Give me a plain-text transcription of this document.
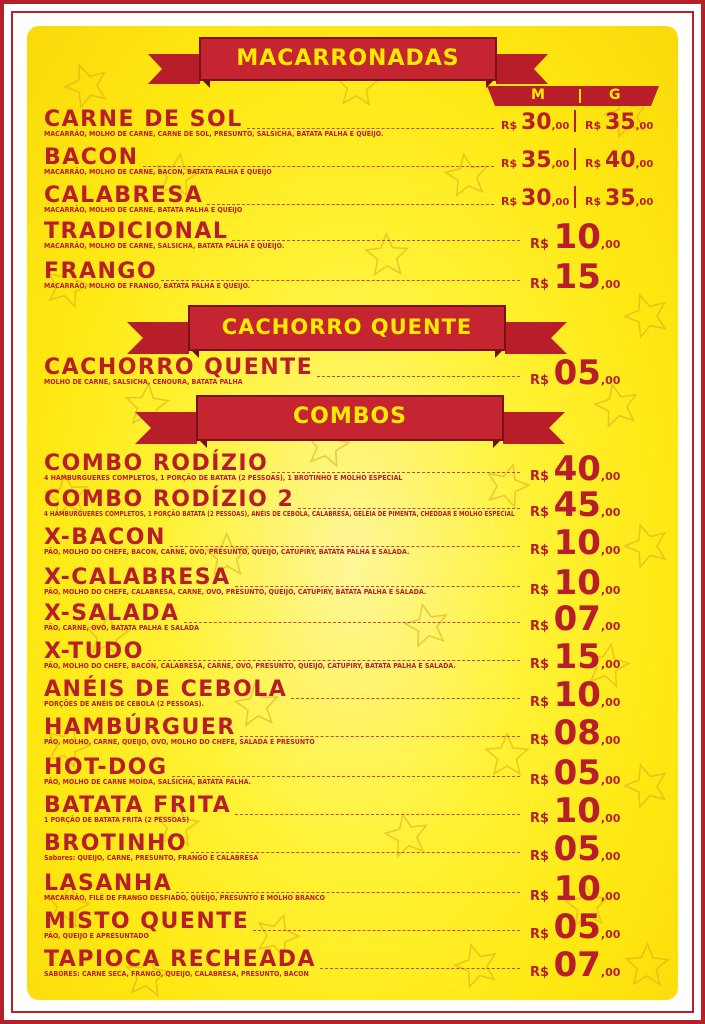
MACARRONADAS
M	G
CACHORRO QUENTE
COMBOS
CARNE DE SOL
MACARRÃO, MOLHO DE CARNE, CARNE DE SOL, PRESUNTO, SALSICHA, BATATA PALHA E QUEIJO.
R$ 30,00 R$ 35,00
BACON
MACARRÃO, MOLHO DE CARNE, BACON, BATATA PALHA E QUEIJO
R$ 35,00 R$ 40,00
CALABRESA
MACARRÃO, MOLHO DE CARNE, BATATA PALHA E QUEIJO
R$ 30,00 R$ 35,00
TRADICIONAL
MACARRÃO, MOLHO DE CARNE, SALSICHA, BATATA PALHA E QUEIJO.	R$ 10,00
FRANGO
MACARRÃO, MOLHO DE FRANGO, BATATA PALHA E QUEIJO.	R$ 15,00
CACHORRO QUENTE
MOLHO DE CARNE, SALSICHA, CENOURA, BATATA PALHA	R$ 05,00
COMBO RODÍZIO
4 HAMBURGUERES COMPLETOS, 1 PORÇÃO DE BATATA (2 PESSOAS), 1 BROTINHO E MOLHO ESPECIAL	R$ 40,00
COMBO RODÍZIO 2
4 HAMBURGUERES COMPLETOS, 1 PORÇÃO BATATA (2 PESSOAS), ANÉIS DE CEBOLA, CALABRESA, GELÉIA DE PIMENTA, CHEDDAR E MOLHO ESPECIAL R$ 45,00
X-BACON
PÃO, MOLHO DO CHEFE, BACON, CARNE, OVO, PRESUNTO, QUEIJO, CATUPIRY, BATATA PALHA E SALADA.	R$ 10,00
X-CALABRESA
PÃO, MOLHO DO CHEFE, CALABRESA, CARNE, OVO, PRESUNTO, QUEIJO, CATUPIRY, BATATA PALHA E SALADA.	R$ 10,00
X-SALADA
PÃO, CARNE, OVO, BATATA PALHA E SALADA	R$ 07,00
X-TUDO
PÃO, MOLHO DO CHEFE, BACON, CALABRESA, CARNE, OVO, PRESUNTO, QUEIJO, CATUPIRY, BATATA PALHA E SALADA.	R$ 15,00
ANÉIS DE CEBOLA
PORÇÕES DE ANÉIS DE CEBOLA (2 PESSOAS).	R$ 10,00
HAMBÚRGUER
PÃO, MOLHO, CARNE, QUEIJO, OVO, MOLHO DO CHEFE, SALADA E PRESUNTO	R$ 08,00
HOT-DOG
PÃO, MOLHO DE CARNE MOÍDA, SALSICHA, BATATA PALHA.	R$ 05,00
BATATA FRITA
1 PORÇÃO DE BATATA FRITA (2 PESSOAS)	R$ 10,00
BROTINHO
Sabores: QUEIJO, CARNE, PRESUNTO, FRANGO E CALABRESA	R$ 05,00
LASANHA
MACARRÃO, FILÉ DE FRANGO DESFIADO, QUEIJO, PRESUNTO E MOLHO BRANCO	R$ 10,00
MISTO QUENTE
PÃO, QUEIJO E APRESUNTADO	R$ 05,00
TAPIOCA RECHEADA
SABORES: CARNE SECA, FRANGO, QUEIJO, CALABRESA, PRESUNTO, BACON	R$ 07,00
